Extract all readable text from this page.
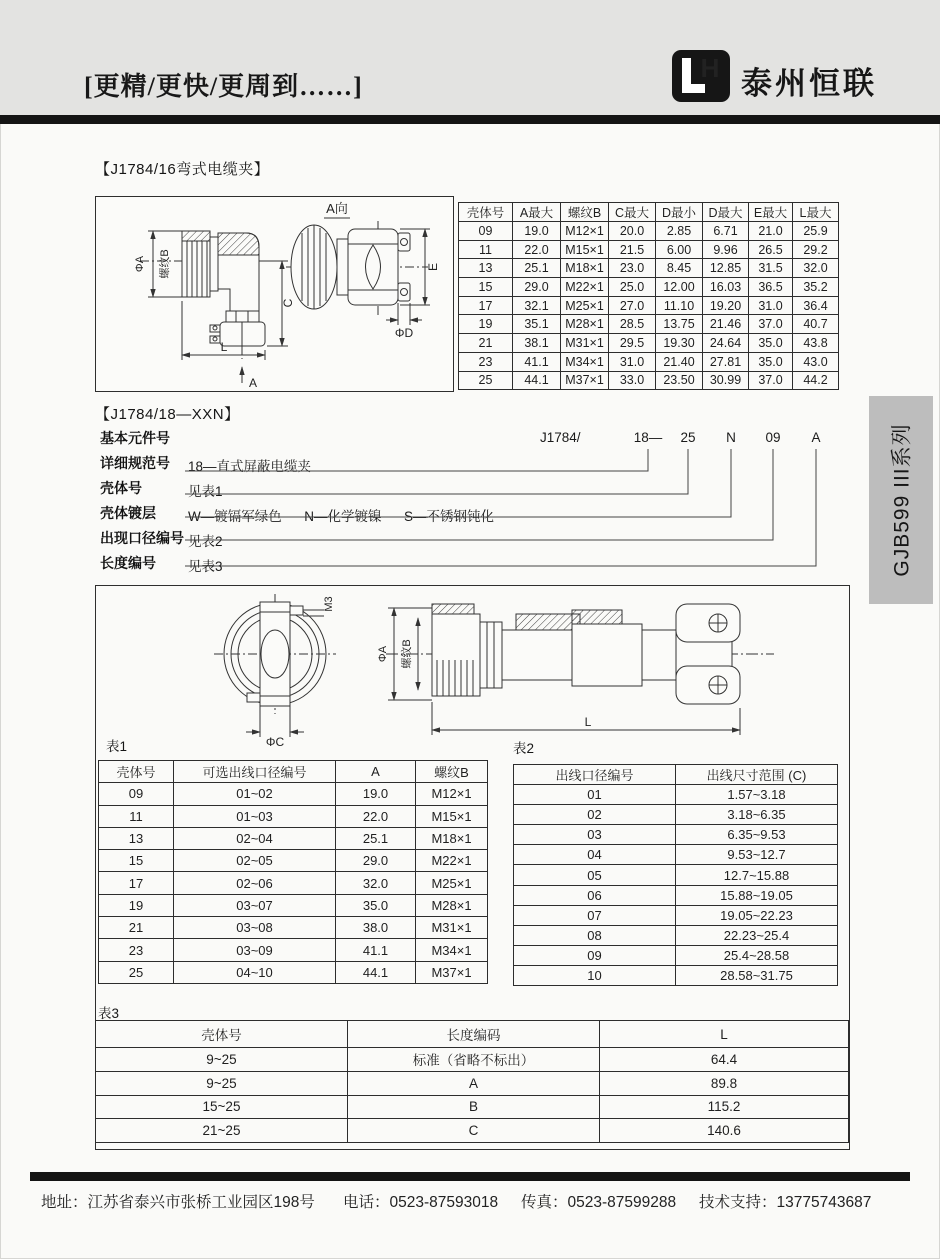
[更精/更快/更周到……]
H 泰州恒联
【J1784/16弯式电缆夹】
A向
ΦA 螺纹B
C
E
ΦD
L
A
壳体号	A最大	螺纹B	C最大	D最小	D最大	E最大	L最大
09	19.0	M12×1	20.0	2.85	6.71	21.0	25.9
11	22.0	M15×1	21.5	6.00	9.96	26.5	29.2
13	25.1	M18×1	23.0	8.45	12.85	31.5	32.0
15	29.0	M22×1	25.0	12.00	16.03	36.5	35.2
17	32.1	M25×1	27.0	11.10	19.20	31.0	36.4
19	35.1	M28×1	28.5	13.75	21.46	37.0	40.7
21	38.1	M31×1	29.5	19.30	24.64	35.0	43.8
23	41.1	M34×1	31.0	21.40	27.81	35.0	43.0
25	44.1	M37×1	33.0	23.50	30.99	37.0	44.2
【J1784/18—XXN】
基本元件号
详细规范号
壳体号
壳体镀层
出现口径编号
长度编号
18—直式屏蔽电缆夹
见表1
W—镀镉军绿色      N—化学镀镍      S—不锈钢钝化
见表2
见表3
J1784/	18— 25 N 09 A	GJB599 III系列
M3
ΦC
ΦA 螺纹B
L
表1
壳体号	可选出线口径编号	A	螺纹B
09	01~02	19.0	M12×1
11	01~03	22.0	M15×1
13	02~04	25.1	M18×1
15	02~05	29.0	M22×1
17	02~06	32.0	M25×1
19	03~07	35.0	M28×1
21	03~08	38.0	M31×1
23	03~09	41.1	M34×1
25	04~10	44.1	M37×1
表2
出线口径编号	出线尺寸范围 (C)
01	1.57~3.18
02	3.18~6.35
03	6.35~9.53
04	9.53~12.7
05	12.7~15.88
06	15.88~19.05
07	19.05~22.23
08	22.23~25.4
09	25.4~28.58
10	28.58~31.75
表3
壳体号	长度编码	L
9~25	标准（省略不标出）	64.4
9~25	A	89.8
15~25	B	115.2
21~25	C	140.6
地址：江苏省泰兴市张桥工业园区198号 电话：0523-87593018 传真：0523-87599288 技术支持：13775743687
